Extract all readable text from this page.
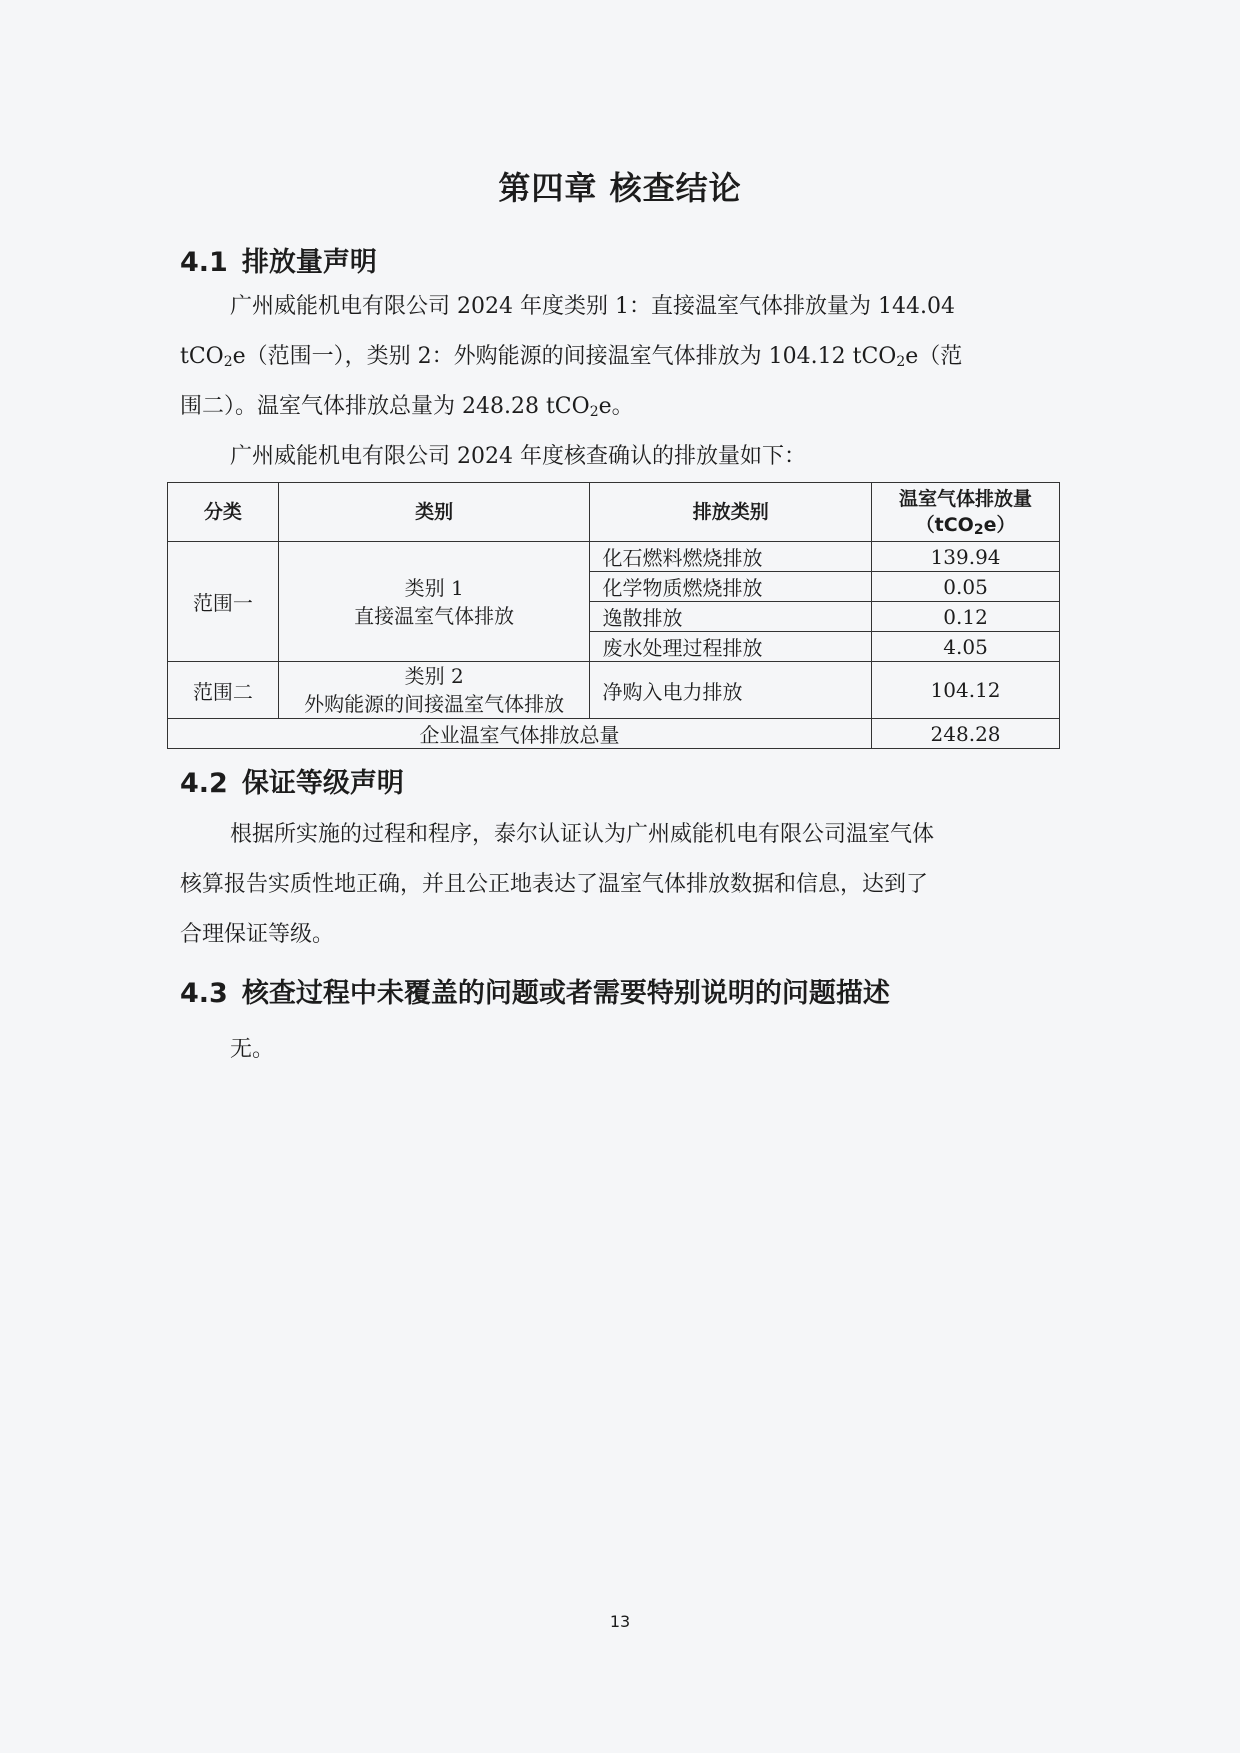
第四章 核查结论
4.1 排放量声明
广州威能机电有限公司 2024 年度类别 1：直接温室气体排放量为 144.04
tCO$_2$e（范围一），类别 2：外购能源的间接温室气体排放为 104.12 tCO$_2$e（范
围二）。温室气体排放总量为 248.28 tCO$_2$e。
广州威能机电有限公司 2024 年度核查确认的排放量如下：
分类	类别	排放类别	温室气体排放量
（tCO$_2$e）
范围一	类别 1
直接温室气体排放	化石燃料燃烧排放	139.94
		化学物质燃烧排放	0.05
		逸散排放	0.12
		废水处理过程排放	4.05
范围二	类别 2
外购能源的间接温室气体排放	净购入电力排放	104.12
企业温室气体排放总量			248.28
4.2 保证等级声明
根据所实施的过程和程序，泰尔认证认为广州威能机电有限公司温室气体
核算报告实质性地正确，并且公正地表达了温室气体排放数据和信息，达到了
合理保证等级。
4.3 核查过程中未覆盖的问题或者需要特别说明的问题描述
无。
13
